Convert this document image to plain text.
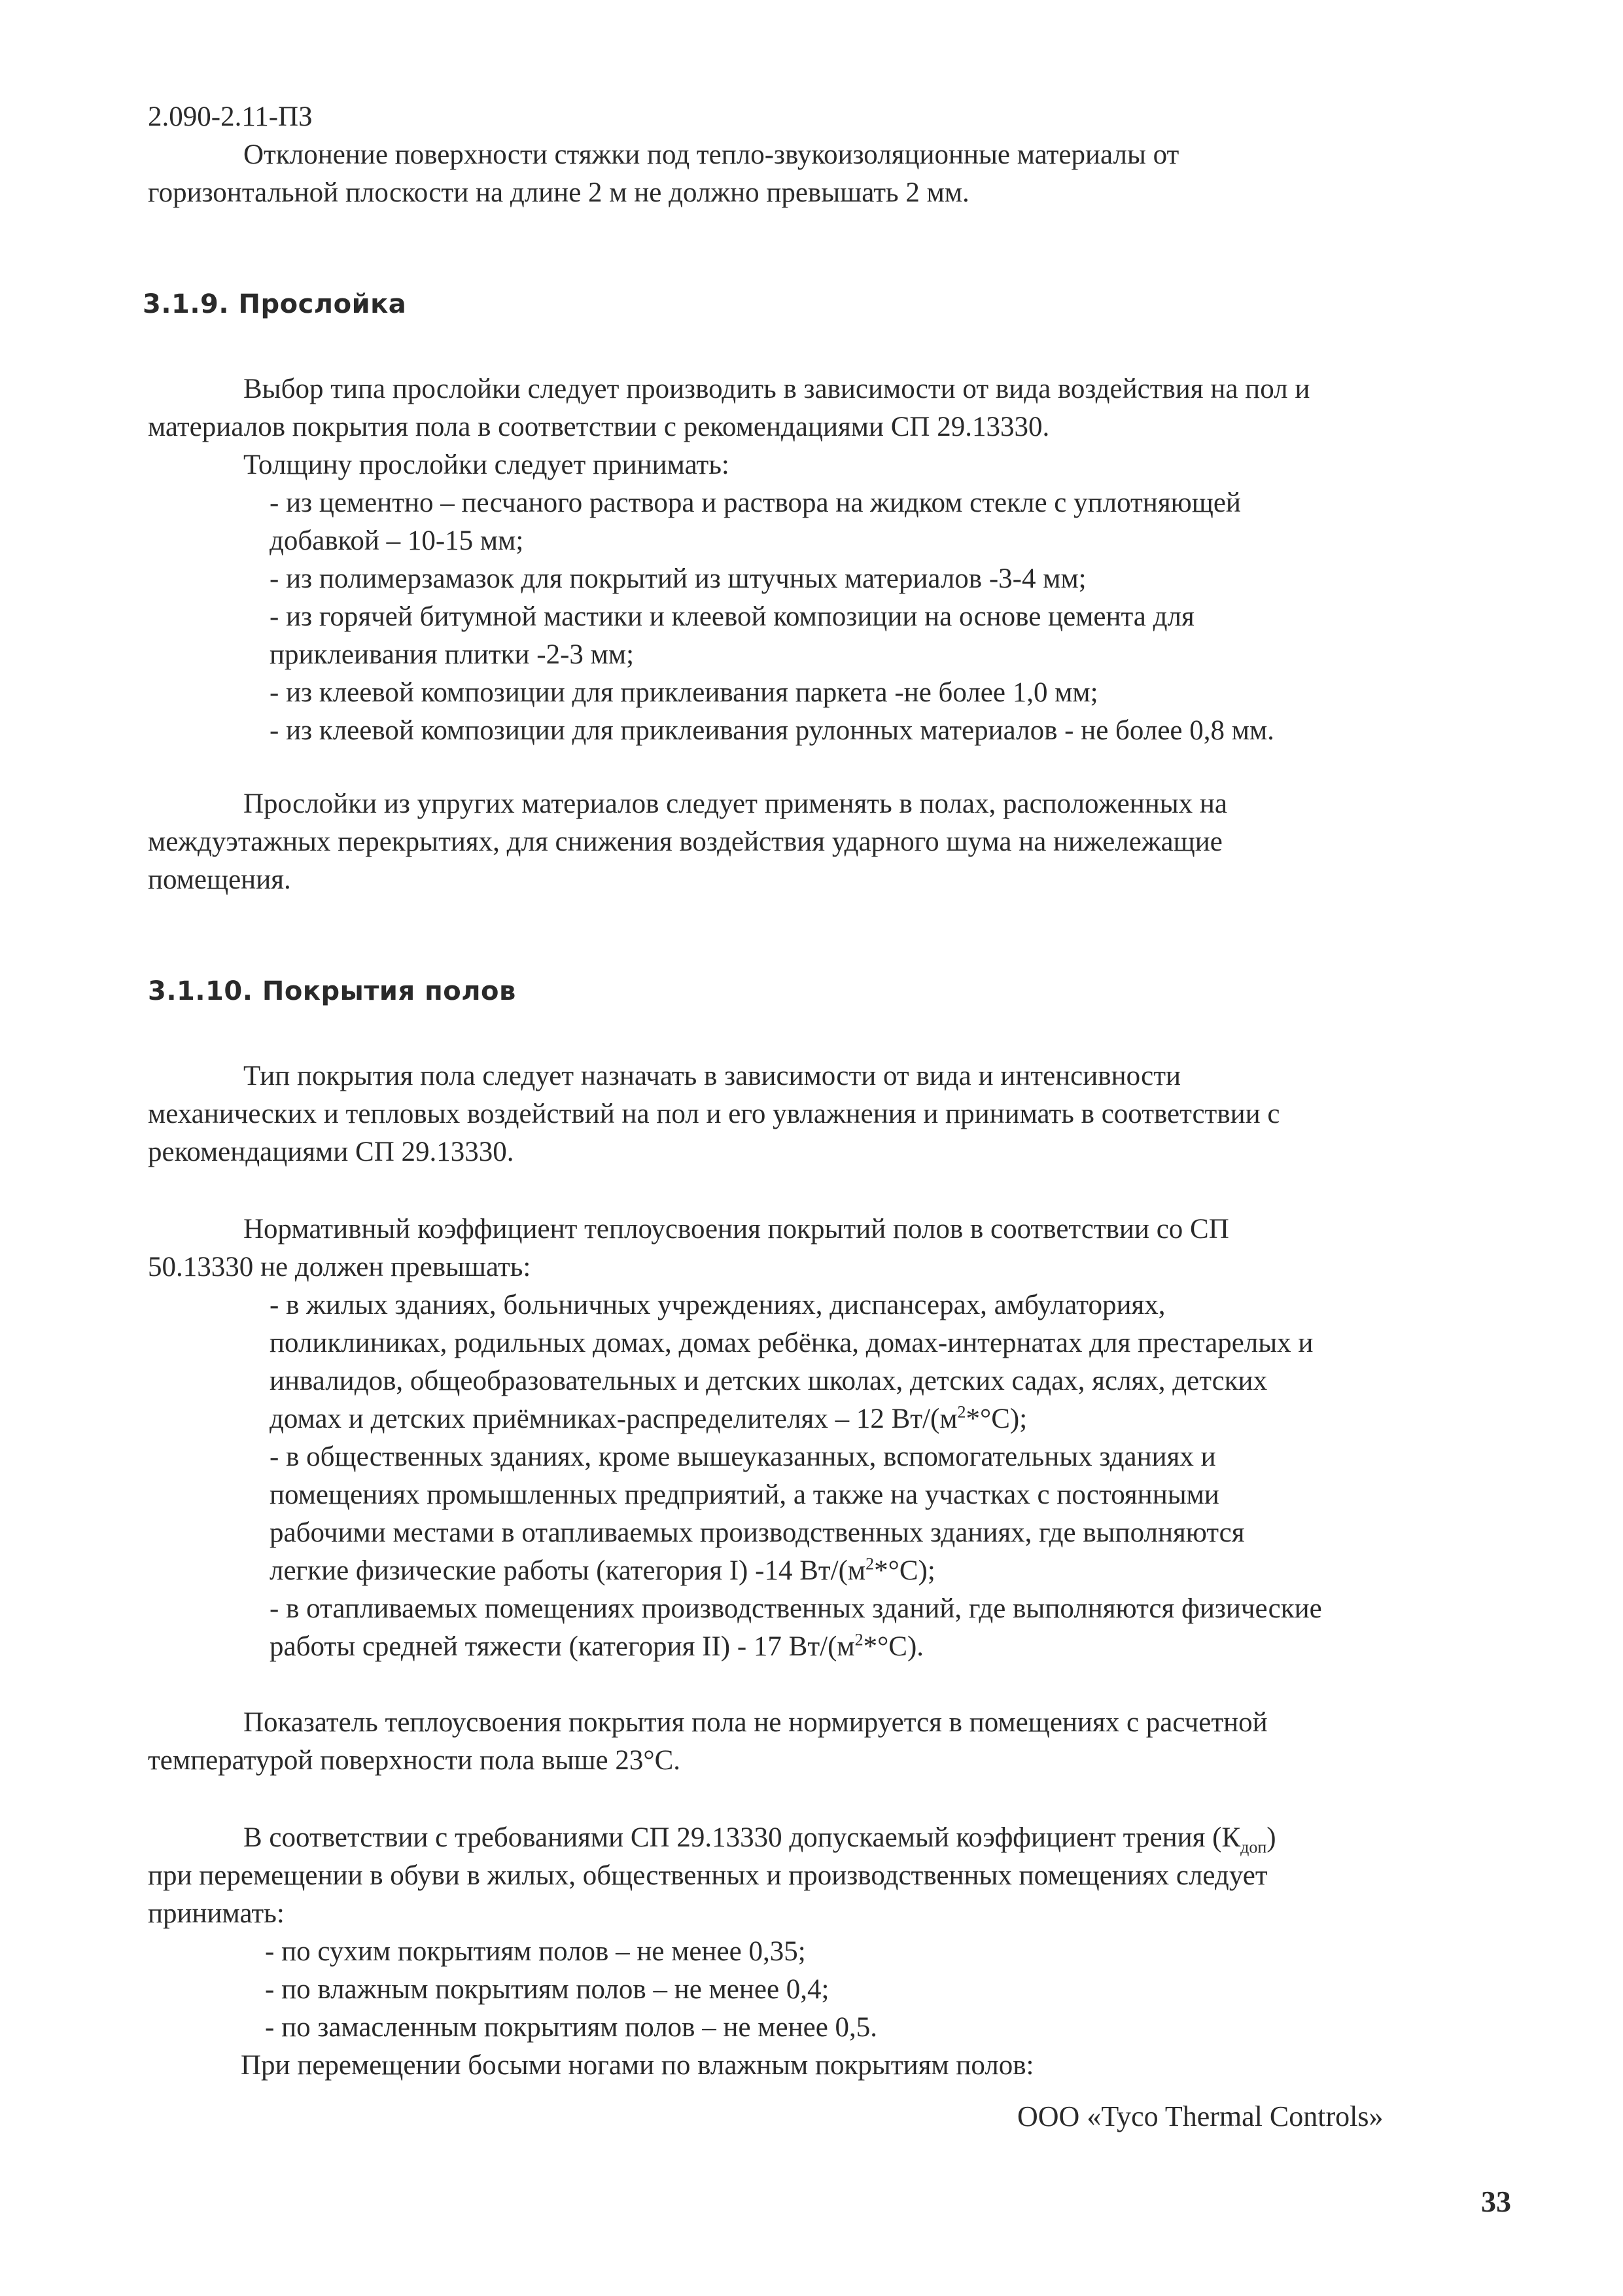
2.090-2.11-ПЗ
Отклонение поверхности стяжки под тепло-звукоизоляционные материалы от
горизонтальной плоскости на длине 2 м не должно превышать 2 мм.
3.1.9. Прослойка
Выбор типа прослойки следует производить в зависимости от вида воздействия на пол и
материалов покрытия пола в соответствии с рекомендациями СП 29.13330.
Толщину прослойки следует принимать:
- из цементно – песчаного раствора и раствора на жидком стекле с уплотняющей
добавкой – 10-15 мм;
- из полимерзамазок для покрытий из штучных материалов -3-4 мм;
- из горячей битумной мастики и клеевой композиции на основе цемента для
приклеивания плитки -2-3 мм;
- из клеевой композиции для приклеивания паркета -не более 1,0 мм;
- из клеевой композиции для приклеивания рулонных материалов - не более 0,8 мм.
Прослойки из упругих материалов следует применять в полах, расположенных на
междуэтажных перекрытиях, для снижения воздействия ударного шума на нижележащие
помещения.
3.1.10. Покрытия полов
Тип покрытия пола следует назначать в зависимости от вида и интенсивности
механических и тепловых воздействий на пол и его увлажнения и принимать в соответствии с
рекомендациями СП 29.13330.
Нормативный коэффициент теплоусвоения покрытий полов в соответствии со СП
50.13330 не должен превышать:
- в жилых зданиях, больничных учреждениях, диспансерах, амбулаториях,
поликлиниках, родильных домах, домах ребёнка, домах-интернатах для престарелых и
инвалидов, общеобразовательных и детских школах, детских садах, яслях, детских
домах и детских приёмниках-распределителях – 12 $Вт/(м^2*^\circ С)$;
- в общественных зданиях, кроме вышеуказанных, вспомогательных зданиях и
помещениях промышленных предприятий, а также на участках с постоянными
рабочими местами в отапливаемых производственных зданиях, где выполняются
легкие физические работы (категория I) -14 $Вт/(м^2*^\circ С)$;
- в отапливаемых помещениях производственных зданий, где выполняются физические
работы средней тяжести (категория II) - 17 $Вт/(м^2*^\circ С)$.
Показатель теплоусвоения покрытия пола не нормируется в помещениях с расчетной
температурой поверхности пола выше 23°С.
В соответствии с требованиями СП 29.13330 допускаемый коэффициент трения $(К_{доп})$
при перемещении в обуви в жилых, общественных и производственных помещениях следует
принимать:
- по сухим покрытиям полов – не менее 0,35;
- по влажным покрытиям полов – не менее 0,4;
- по замасленным покрытиям полов – не менее 0,5.
При перемещении босыми ногами по влажным покрытиям полов:
ООО «Tyco Thermal Controls»
33
